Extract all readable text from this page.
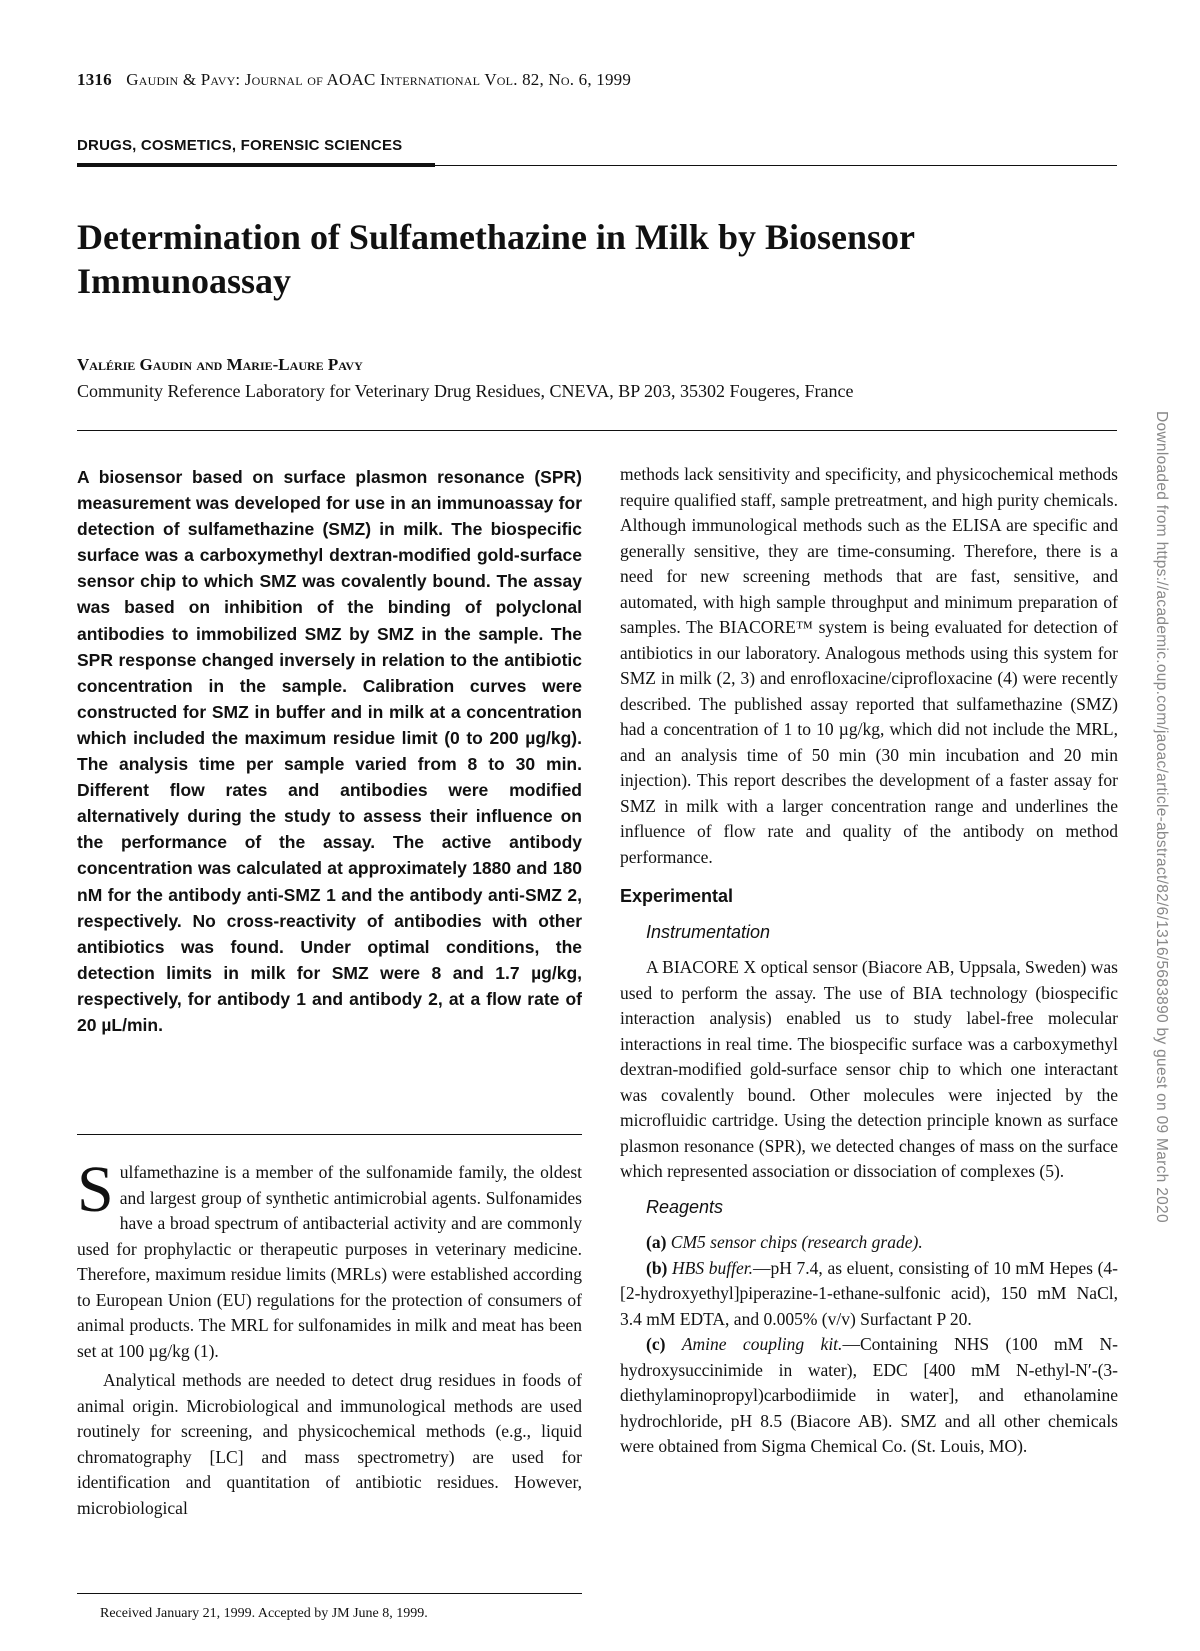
1316 Gaudin & Pavy: Journal of AOAC International Vol. 82, No. 6, 1999
DRUGS, COSMETICS, FORENSIC SCIENCES
Determination of Sulfamethazine in Milk by Biosensor Immunoassay
Valérie Gaudin and Marie-Laure Pavy
Community Reference Laboratory for Veterinary Drug Residues, CNEVA, BP 203, 35302 Fougeres, France

A biosensor based on surface plasmon resonance (SPR) measurement was developed for use in an immunoassay for detection of sulfamethazine (SMZ) in milk. The biospecific surface was a carboxymethyl dextran-modified gold-surface sensor chip to which SMZ was covalently bound. The assay was based on inhibition of the binding of polyclonal antibodies to immobilized SMZ by SMZ in the sample. The SPR response changed inversely in relation to the antibiotic concentration in the sample. Calibration curves were constructed for SMZ in buffer and in milk at a concentration which included the maximum residue limit (0 to 200 µg/kg). The analysis time per sample varied from 8 to 30 min. Different flow rates and antibodies were modified alternatively during the study to assess their influence on the performance of the assay. The active antibody concentration was calculated at approximately 1880 and 180 nM for the antibody anti-SMZ 1 and the antibody anti-SMZ 2, respectively. No cross-reactivity of antibodies with other antibiotics was found. Under optimal conditions, the detection limits in milk for SMZ were 8 and 1.7 µg/kg, respectively, for antibody 1 and antibody 2, at a flow rate of 20 µL/min.

Sulfamethazine is a member of the sulfonamide family, the oldest and largest group of synthetic antimicrobial agents. Sulfonamides have a broad spectrum of antibacterial activity and are commonly used for prophylactic or therapeutic purposes in veterinary medicine. Therefore, maximum residue limits (MRLs) were established according to European Union (EU) regulations for the protection of consumers of animal products. The MRL for sulfonamides in milk and meat has been set at 100 µg/kg (1).

Analytical methods are needed to detect drug residues in foods of animal origin. Microbiological and immunological methods are used routinely for screening, and physicochemical methods (e.g., liquid chromatography [LC] and mass spectrometry) are used for identification and quantitation of antibiotic residues. However, microbiological

Received January 21, 1999. Accepted by JM June 8, 1999.

methods lack sensitivity and specificity, and physicochemical methods require qualified staff, sample pretreatment, and high purity chemicals. Although immunological methods such as the ELISA are specific and generally sensitive, they are time-consuming. Therefore, there is a need for new screening methods that are fast, sensitive, and automated, with high sample throughput and minimum preparation of samples. The BIACORE™ system is being evaluated for detection of antibiotics in our laboratory. Analogous methods using this system for SMZ in milk (2, 3) and enrofloxacine/ciprofloxacine (4) were recently described. The published assay reported that sulfamethazine (SMZ) had a concentration of 1 to 10 µg/kg, which did not include the MRL, and an analysis time of 50 min (30 min incubation and 20 min injection). This report describes the development of a faster assay for SMZ in milk with a larger concentration range and underlines the influence of flow rate and quality of the antibody on method performance.

Experimental
Instrumentation

A BIACORE X optical sensor (Biacore AB, Uppsala, Sweden) was used to perform the assay. The use of BIA technology (biospecific interaction analysis) enabled us to study label-free molecular interactions in real time. The biospecific surface was a carboxymethyl dextran-modified gold-surface sensor chip to which one interactant was covalently bound. Other molecules were injected by the microfluidic cartridge. Using the detection principle known as surface plasmon resonance (SPR), we detected changes of mass on the surface which represented association or dissociation of complexes (5).

Reagents

(a) CM5 sensor chips (research grade).

(b) HBS buffer.—pH 7.4, as eluent, consisting of 10 mM Hepes (4-[2-hydroxyethyl]piperazine-1-ethane-sulfonic acid), 150 mM NaCl, 3.4 mM EDTA, and 0.005% (v/v) Surfactant P 20.

(c) Amine coupling kit.—Containing NHS (100 mM N-hydroxysuccinimide in water), EDC [400 mM N-ethyl-N′-(3-diethylaminopropyl)carbodiimide in water], and ethanolamine hydrochloride, pH 8.5 (Biacore AB). SMZ and all other chemicals were obtained from Sigma Chemical Co. (St. Louis, MO).

Downloaded from https://academic.oup.com/jaoac/article-abstract/82/6/1316/5683890 by guest on 09 March 2020
